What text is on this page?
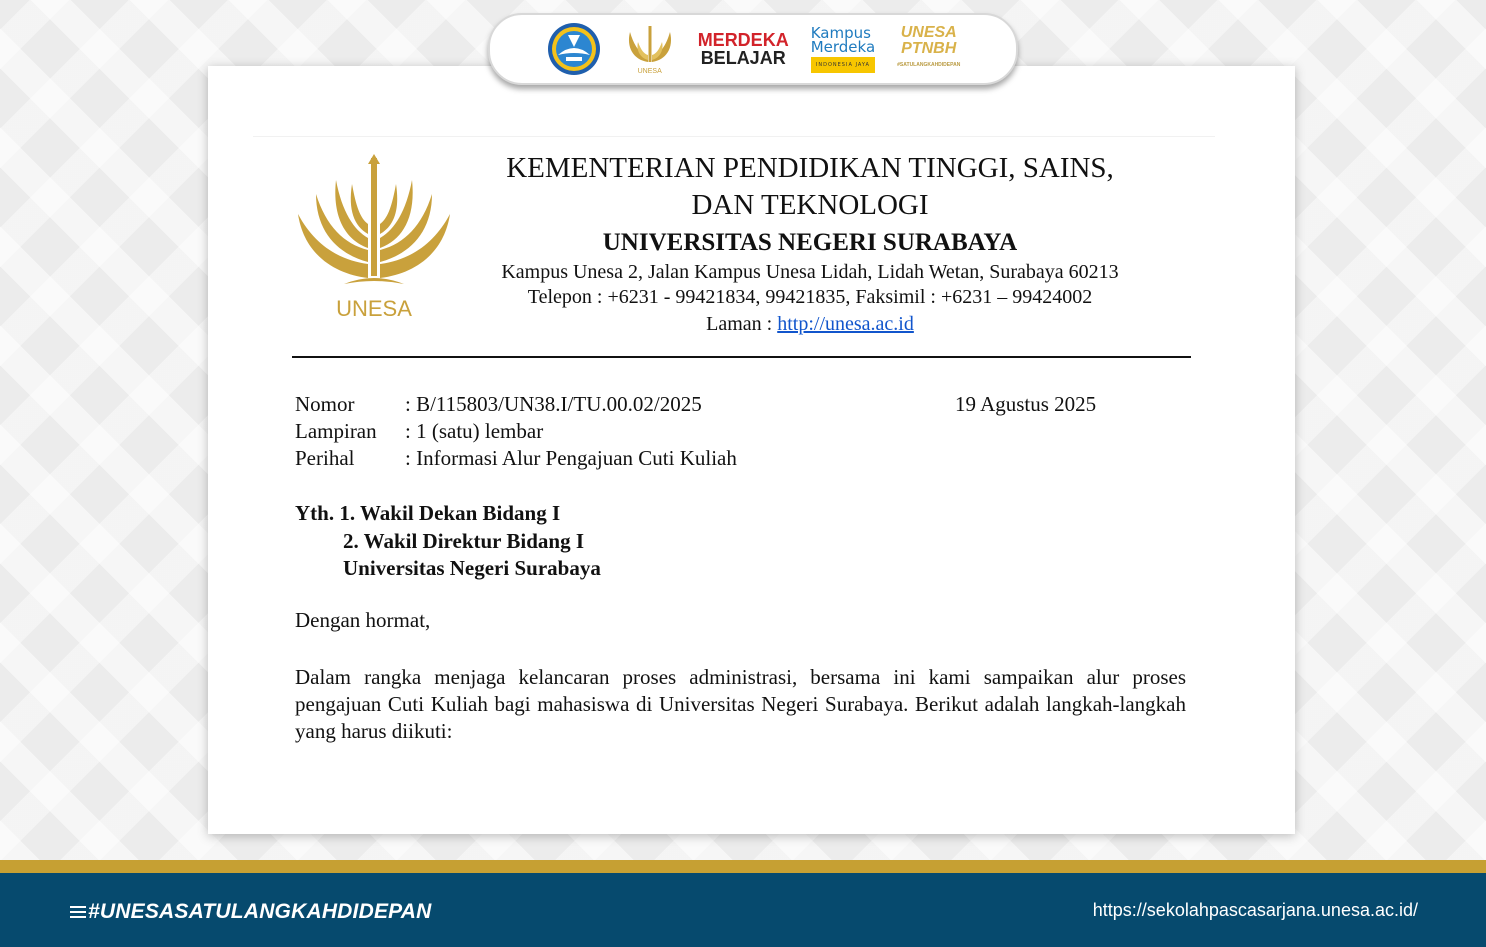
UNESA
MERDEKA
BELAJAR
Kampus
Merdeka
INDONESIA JAYA
UNESA
PTNBH
#SATULANGKAHDIDEPAN
UNESA
KEMENTERIAN PENDIDIKAN TINGGI, SAINS,
DAN TEKNOLOGI
UNIVERSITAS NEGERI SURABAYA
Kampus Unesa 2, Jalan Kampus Unesa Lidah, Lidah Wetan, Surabaya 60213
Telepon : +6231 - 99421834, 99421835, Faksimil : +6231 – 99424002
Laman : http://unesa.ac.id
Nomor	: B/115803/UN38.I/TU.00.02/2025
Lampiran	: 1 (satu) lembar
Perihal	: Informasi Alur Pengajuan Cuti Kuliah
19 Agustus 2025
Yth. 1. Wakil Dekan Bidang I
2. Wakil Direktur Bidang I
Universitas Negeri Surabaya
Dengan hormat,
Dalam rangka menjaga kelancaran proses administrasi, bersama ini kami sampaikan alur proses pengajuan Cuti Kuliah bagi mahasiswa di Universitas Negeri Surabaya. Berikut adalah langkah-langkah yang harus diikuti:
#UNESASATULANGKAHDIDEPAN	https://sekolahpascasarjana.unesa.ac.id/
